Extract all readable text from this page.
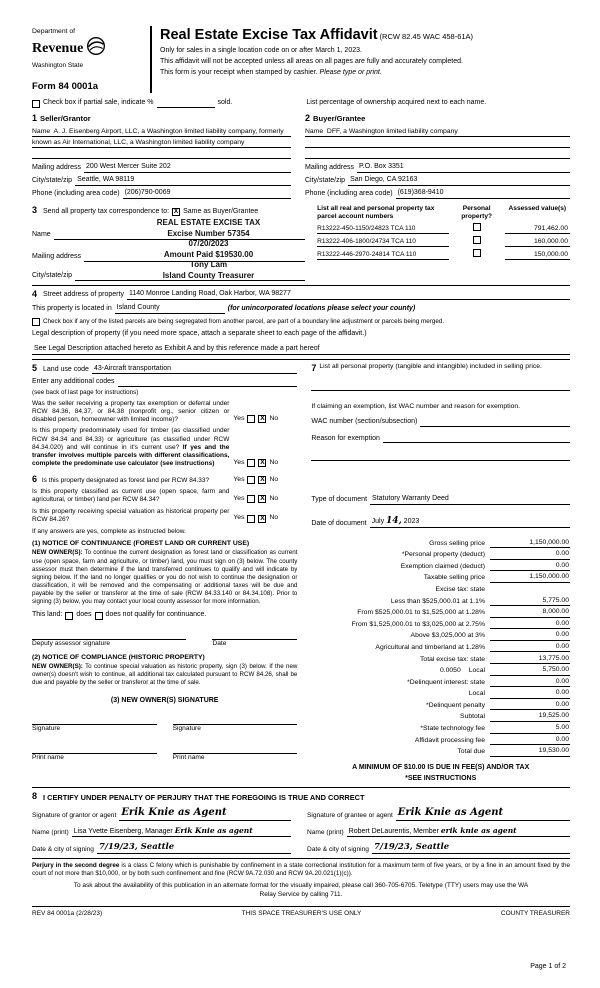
Department of
Revenue
Washington State
Form 84 0001a
Real Estate Excise Tax Affidavit (RCW 82.45 WAC 458-61A)
Only for sales in a single location code on or after March 1, 2023.
This affidavit will not be accepted unless all areas on all pages are fully and accurately completed.
This form is your receipt when stamped by cashier. Please type or print.
Check box if partial sale, indicate %	sold.	List percentage of ownership acquired next to each name.
1 Seller/Grantor
Name A. J. Eisenberg Airport, LLC, a Washington limited liability company, formerly known as Air International, LLC, a Washington limited liability company
Mailing address 200 West Mercer Suite 202
City/state/zip Seattle, WA 98119
Phone (including area code) (206)790-0069
2 Buyer/Grantee
Name DFF, a Washington limited liability company
Mailing address P.O. Box 3351
City/state/zip San Diego, CA 92163
Phone (including area code) (619)368-9410
3 Send all property tax correspondence to: X Same as Buyer/Grantee
Name
Mailing address
City/state/zip
REAL ESTATE EXCISE TAX
Excise Number 57354
07/20/2023
Amount Paid $19530.00
Tony Lam
Island County Treasurer
List all real and personal property tax parcel account numbers
Personal property?
Assessed value(s)
R13222-450-1150/24823 TCA 110	791,462.00
R13222-406-1800/24734 TCA 110	160,000.00
R13222-446-2970-24814 TCA 110	150,000.00
4 Street address of property 1140 Monroe Landing Road, Oak Harbor, WA 98277
This property is located in Island County	(for unincorporated locations please select your county)
Check box if any of the listed parcels are being segregated from another parcel, are part of a boundary line adjustment or parcels being merged.
Legal description of property (if you need more space, attach a separate sheet to each page of the affidavit.)
See Legal Description attached hereto as Exhibit A and by this reference made a part hereof
5 Land use code 43-Aircraft transportation
Enter any additional codes
(see back of last page for instructions)
Was the seller receiving a property tax exemption or deferral under RCW 84.36, 84.37, or 84.38 (nonprofit org., senior citizen or disabled person, homeowner with limited income)?	Yes X No
Is this property predominately used for timber (as classified under RCW 84.34 and 84.33) or agriculture (as classified under RCW 84.34.020) and will continue in it's current use? If yes and the transfer involves multiple parcels with different classifications, complete the predominate use calculator (see instructions)	Yes X No
6 Is this property designated as forest land per RCW 84.33?	Yes X No
Is this property classified as current use (open space, farm and agricultural, or timber) land per RCW 84.34?	Yes X No
Is this property receiving special valuation as historical property per RCW 84.26?	Yes X No
If any answers are yes, complete as instructed below.
(1) NOTICE OF CONTINUANCE (FOREST LAND OR CURRENT USE)
NEW OWNER(S): To continue the current designation as forest land or classification as current use (open space, farm and agriculture, or timber) land, you must sign on (3) below. The county assessor must then determine if the land transferred continues to qualify and will indicate by signing below. If the land no longer qualifies or you do not wish to continue the designation or classification, it will be removed and the compensating or additional taxes will be due and payable by the seller or transferor at the time of sale (RCW 84.33.140 or 84.34.108). Prior to signing (3) below, you may contact your local county assessor for more information.
This land: does does not qualify for continuance.
Deputy assessor signature	Date
(2) NOTICE OF COMPLIANCE (HISTORIC PROPERTY)
NEW OWNER(S): To continue special valuation as historic property, sign (3) below. If the new owner(s) doesn't wish to continue, all additional tax calculated pursuant to RCW 84.26, shall be due and payable by the seller or transferor at the time of sale.
(3) NEW OWNER(S) SIGNATURE
Signature	Signature
Print name	Print name
7 List all personal property (tangible and intangible) included in selling price.
If claiming an exemption, list WAC number and reason for exemption.
WAC number (section/subsection)
Reason for exemption
Type of document Statutory Warranty Deed
Date of document July 14, 2023
Gross selling price	1,150,000.00
*Personal property (deduct)	0.00
Exemption claimed (deduct)	0.00
Taxable selling price	1,150,000.00
Excise tax: state
Less than $525,000.01 at 1.1%	5,775.00
From $525,000.01 to $1,525,000 at 1.28%	8,000.00
From $1,525,000.01 to $3,025,000 at 2.75%	0.00
Above $3,025,000 at 3%	0.00
Agricultural and timberland at 1.28%	0.00
Total excise tax: state	13,775.00
0.0050 Local	5,750.00
*Delinquent interest: state	0.00
Local	0.00
*Delinquent penalty	0.00
Subtotal	19,525.00
*State technology fee	5.00
Affidavit processing fee	0.00
Total due	19,530.00
A MINIMUM OF $10.00 IS DUE IN FEE(S) AND/OR TAX
*SEE INSTRUCTIONS
8 I CERTIFY UNDER PENALTY OF PERJURY THAT THE FOREGOING IS TRUE AND CORRECT
Signature of grantor or agent Erik Knie as Agent
Name (print) Lisa Yvette Eisenberg, Manager Erik Knie as agent
Date & city of signing 7/19/23, Seattle
Signature of grantee or agent Erik Knie as Agent
Name (print) Robert DeLaurentis, Member erik knie as agent
Date & city of signing 7/19/23, Seattle
Perjury in the second degree is a class C felony which is punishable by confinement in a state correctional institution for a maximum term of five years, or by a fine in an amount fixed by the court of not more than $10,000, or by both such confinement and fine (RCW 9A.72.030 and RCW 9A.20.021(1)(c)).
To ask about the availability of this publication in an alternate format for the visually impaired, please call 360-705-6705. Teletype (TTY) users may use the WA Relay Service by calling 711.
REV 84 0001a (2/28/23)	THIS SPACE TREASURER'S USE ONLY	COUNTY TREASURER
Page 1 of 2
